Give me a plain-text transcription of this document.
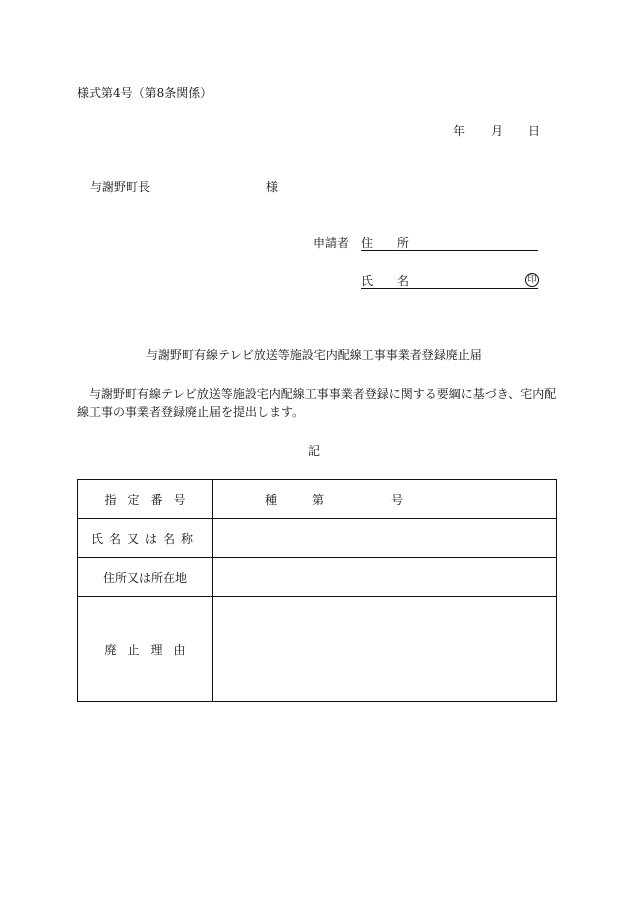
様式第4号（第8条関係）
年 月 日
与謝野町長	様
申請者 住 所
氏 名	印
与謝野町有線テレビ放送等施設宅内配線工事事業者登録廃止届
与謝野町有線テレビ放送等施設宅内配線工事事業者登録に関する要綱に基づき、宅内配
線工事の事業者登録廃止届を提出します。
記
指 定 番 号	種 第 号
氏名又は名称	
住所又は所在地	
廃 止 理 由	
